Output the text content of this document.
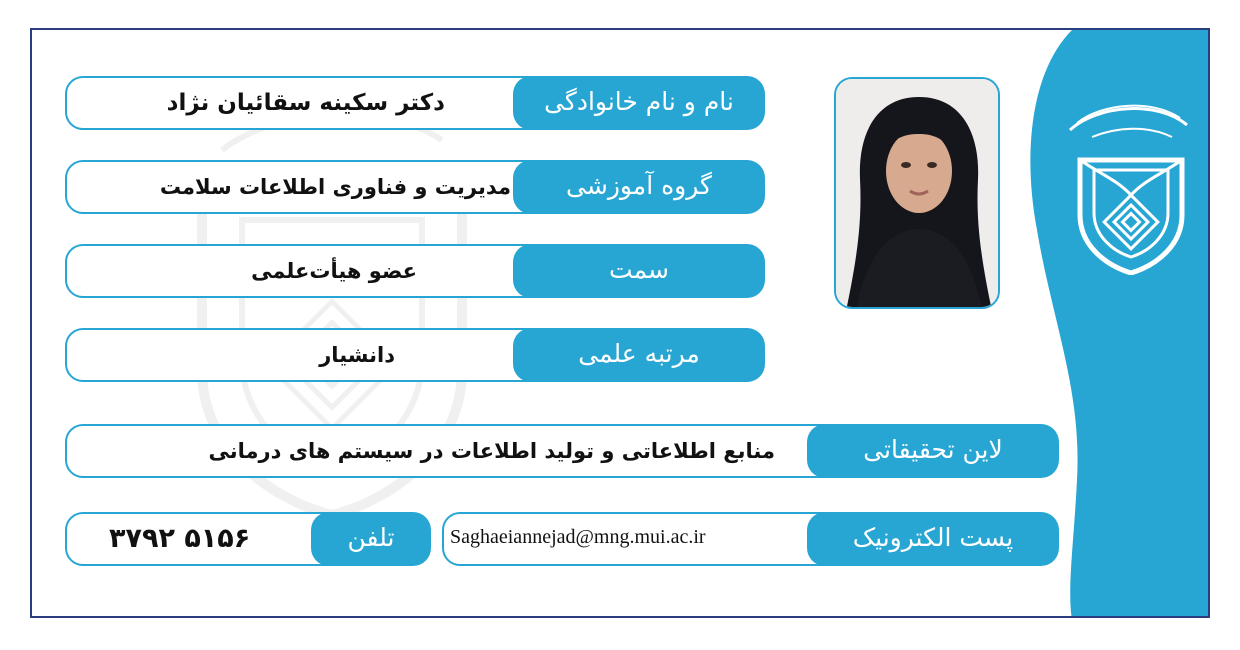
دکتر سکینه سقائیان نژاد	نام و نام خانوادگی
مدیریت و فناوری اطلاعات سلامت	گروه آموزشی
عضو هیأت‌علمی	سمت
دانشیار	مرتبه علمی
منابع اطلاعاتی و تولید اطلاعات در سیستم های درمانی	لاین تحقیقاتی
Saghaeiannejad@mng.mui.ac.ir	پست الکترونیک
۳۷۹۲ ۵۱۵۶	تلفن
